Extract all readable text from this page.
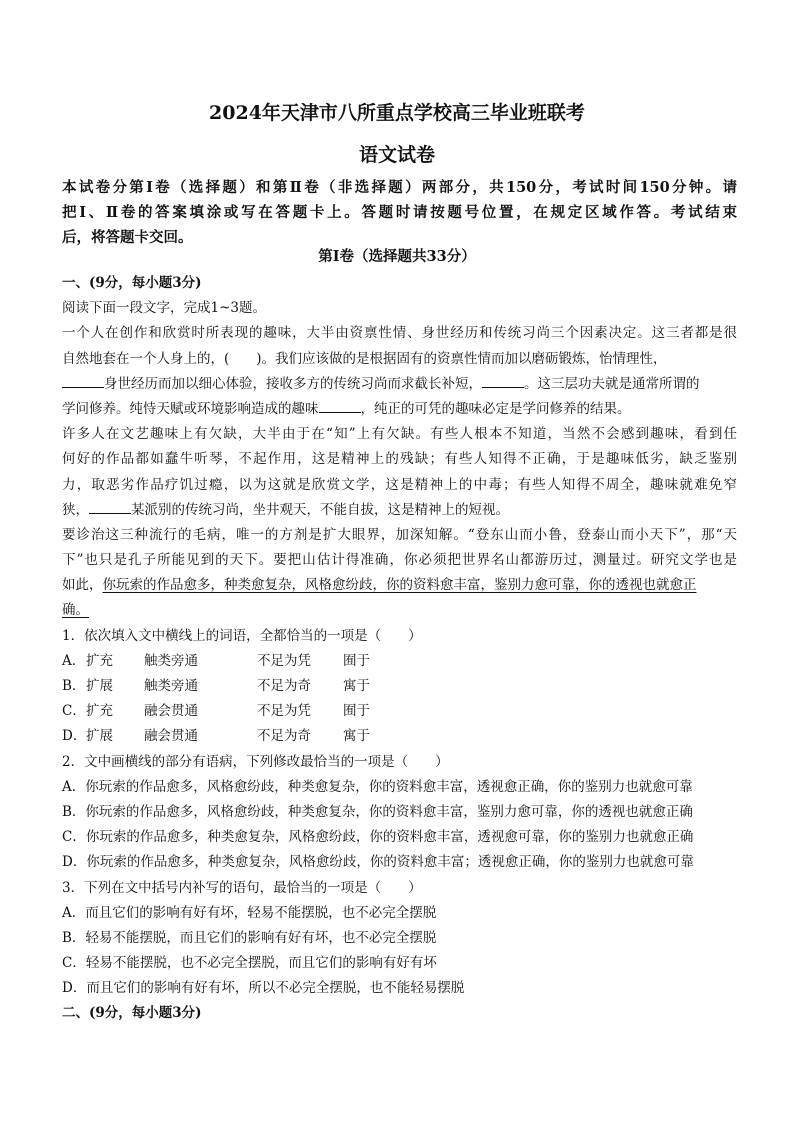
2024年天津市八所重点学校高三毕业班联考
语文试卷
本试卷分第Ⅰ卷（选择题）和第Ⅱ卷（非选择题）两部分，共150分，考试时间150分钟。请
把Ⅰ、Ⅱ卷的答案填涂或写在答题卡上。答题时请按题号位置，在规定区域作答。考试结束
后，将答题卡交回。
第Ⅰ卷（选择题共33分）
一、(9分，每小题3分)
阅读下面一段文字，完成1~3题。
一个人在创作和欣赏时所表现的趣味，大半由资禀性情、身世经历和传统习尚三个因素决定。这三者都是很
自然地套在一个人身上的，(　　)。我们应该做的是根据固有的资禀性情而加以磨砺锻炼，怡情理性，
身世经历而加以细心体验，接收多方的传统习尚而求截长补短，	。这三层功夫就是通常所谓的
学问修养。纯恃天赋或环境影响造成的趣味	，纯正的可凭的趣味必定是学问修养的结果。
许多人在文艺趣味上有欠缺，大半由于在“知”上有欠缺。有些人根本不知道，当然不会感到趣味，看到任
何好的作品都如蠢牛听琴，不起作用，这是精神上的残缺；有些人知得不正确，于是趣味低劣，缺乏鉴别
力，取恶劣作品疗饥过瘾，以为这就是欣赏文学，这是精神上的中毒；有些人知得不周全，趣味就难免窄
狭，	某派别的传统习尚，坐井观天，不能自拔，这是精神上的短视。
要诊治这三种流行的毛病，唯一的方剂是扩大眼界，加深知解。“登东山而小鲁，登泰山而小天下”，那“天
下”也只是孔子所能见到的天下。要把山估计得准确，你必须把世界名山都游历过，测量过。研究文学也是
如此，你玩索的作品愈多，种类愈复杂，风格愈纷歧，你的资料愈丰富，鉴别力愈可靠，你的透视也就愈正
确。
1．依次填入文中横线上的词语，全都恰当的一项是（　　）
A．扩充 触类旁通	不足为凭 囿于
B．扩展 触类旁通	不足为奇 寓于
C．扩充 融会贯通	不足为凭 囿于
D．扩展 融会贯通	不足为奇 寓于
2．文中画横线的部分有语病，下列修改最恰当的一项是（　　）
A．你玩索的作品愈多，风格愈纷歧，种类愈复杂，你的资料愈丰富，透视愈正确，你的鉴别力也就愈可靠
B．你玩索的作品愈多，风格愈纷歧，种类愈复杂，你的资料愈丰富，鉴别力愈可靠，你的透视也就愈正确
C．你玩索的作品愈多，种类愈复杂，风格愈纷歧，你的资料愈丰富，透视愈可靠，你的鉴别力也就愈正确
D．你玩索的作品愈多，种类愈复杂，风格愈纷歧，你的资料愈丰富；透视愈正确，你的鉴别力也就愈可靠
3．下列在文中括号内补写的语句，最恰当的一项是（　　）
A．而且它们的影响有好有坏，轻易不能摆脱，也不必完全摆脱
B．轻易不能摆脱，而且它们的影响有好有坏，也不必完全摆脱
C．轻易不能摆脱，也不必完全摆脱，而且它们的影响有好有坏
D．而且它们的影响有好有坏，所以不必完全摆脱，也不能轻易摆脱
二、(9分，每小题3分)
